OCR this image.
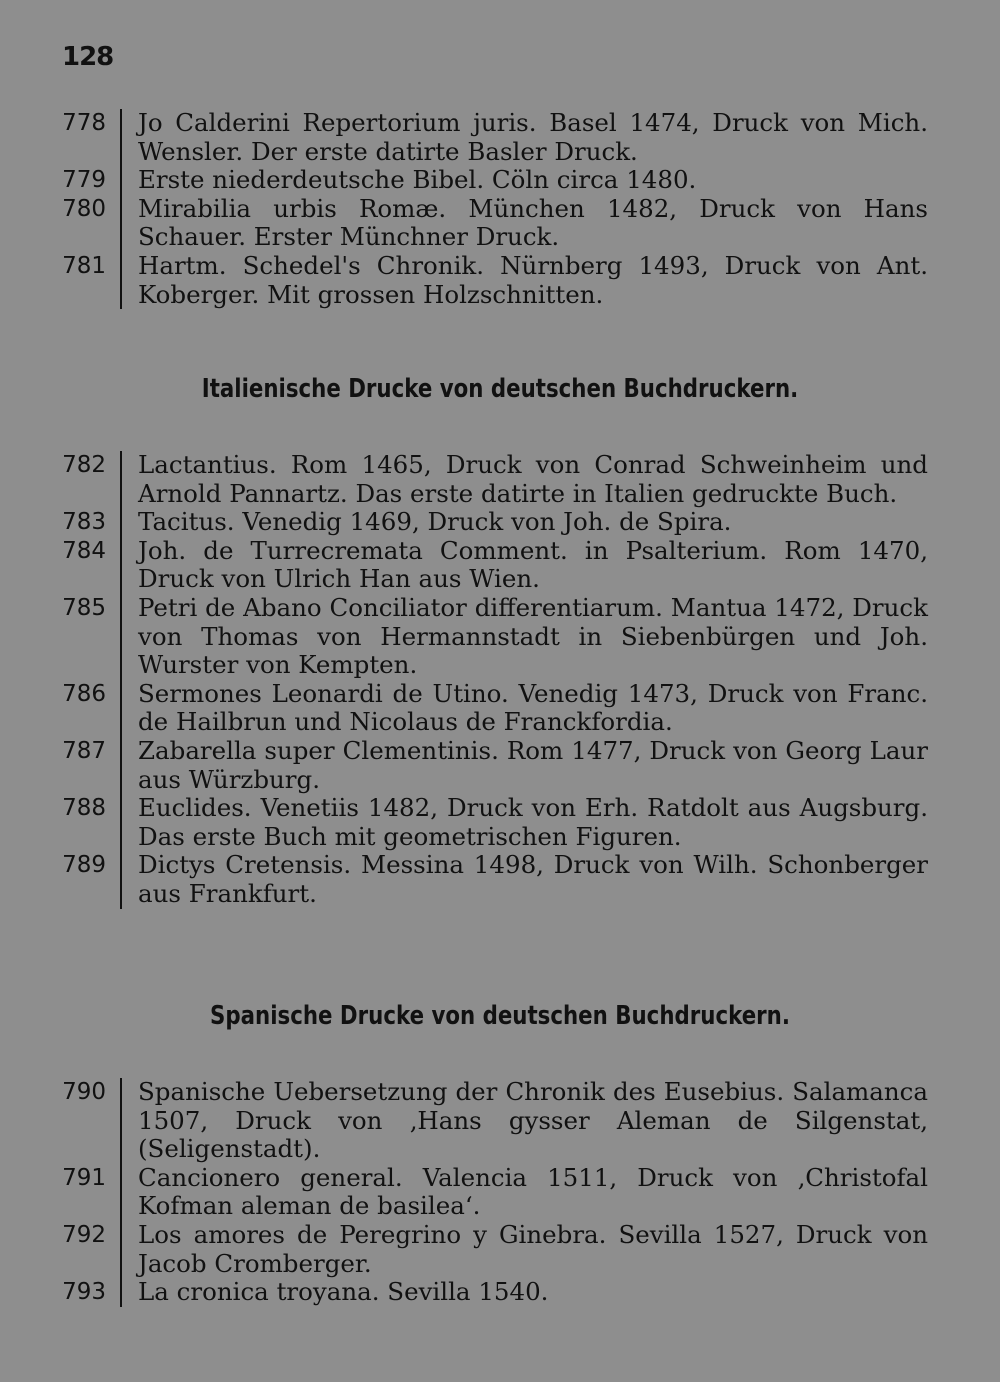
128
778	Jo Calderini Repertorium juris. Basel 1474, Druck von Mich. Wensler. Der erste datirte Basler Druck.
779	Erste niederdeutsche Bibel. Cöln circa 1480.
780	Mirabilia urbis Romæ. München 1482, Druck von Hans Schauer. Erster Münchner Druck.
781	Hartm. Schedel's Chronik. Nürnberg 1493, Druck von Ant. Koberger. Mit grossen Holzschnitten.
Italienische Drucke von deutschen Buchdruckern.
782	Lactantius. Rom 1465, Druck von Conrad Schweinheim und Arnold Pannartz. Das erste datirte in Italien gedruckte Buch.
783	Tacitus. Venedig 1469, Druck von Joh. de Spira.
784	Joh. de Turrecremata Comment. in Psalterium. Rom 1470, Druck von Ulrich Han aus Wien.
785	Petri de Abano Conciliator differentiarum. Mantua 1472, Druck von Thomas von Hermannstadt in Siebenbürgen und Joh. Wurster von Kempten.
786	Sermones Leonardi de Utino. Venedig 1473, Druck von Franc. de Hailbrun und Nicolaus de Franckfordia.
787	Zabarella super Clementinis. Rom 1477, Druck von Georg Laur aus Würzburg.
788	Euclides. Venetiis 1482, Druck von Erh. Ratdolt aus Augsburg. Das erste Buch mit geometrischen Figuren.
789	Dictys Cretensis. Messina 1498, Druck von Wilh. Schonberger aus Frankfurt.
Spanische Drucke von deutschen Buchdruckern.
790	Spanische Uebersetzung der Chronik des Eusebius. Salamanca 1507, Druck von ‚Hans gysser Aleman de Silgenstat, (Seligenstadt).
791	Cancionero general. Valencia 1511, Druck von ‚Christofal Kofman aleman de basilea‘.
792	Los amores de Peregrino y Ginebra. Sevilla 1527, Druck von Jacob Cromberger.
793	La cronica troyana. Sevilla 1540.
